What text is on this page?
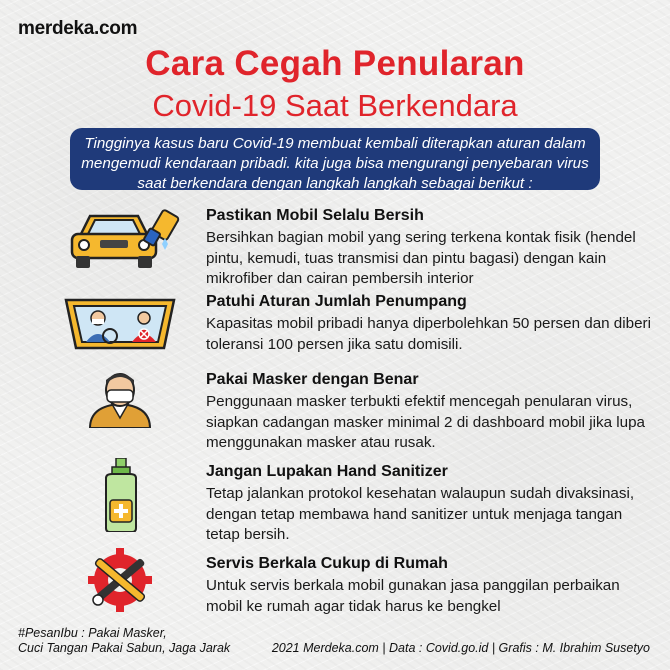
merdeka.com
Cara Cegah Penularan
Covid-19 Saat Berkendara
Tingginya kasus baru Covid-19 membuat kembali diterapkan aturan dalam mengemudi kendaraan pribadi. kita juga bisa mengurangi penyebaran virus saat berkendara dengan langkah langkah sebagai berikut :
Pastikan Mobil Selalu Bersih
Bersihkan bagian mobil yang sering terkena kontak fisik (hendel pintu, kemudi, tuas transmisi dan pintu bagasi) dengan kain mikrofiber dan cairan pembersih interior
Patuhi Aturan Jumlah Penumpang
Kapasitas mobil pribadi hanya diperbolehkan 50 persen dan diberi toleransi 100 persen jika satu domisili.
Pakai Masker dengan Benar
Penggunaan masker terbukti efektif mencegah penularan virus, siapkan cadangan masker minimal 2 di dashboard mobil jika lupa menggunakan masker atau rusak.
Jangan Lupakan Hand Sanitizer
Tetap jalankan protokol kesehatan walaupun sudah divaksinasi, dengan tetap membawa hand sanitizer untuk menjaga tangan tetap bersih.
Servis Berkala Cukup di Rumah
Untuk servis berkala mobil gunakan jasa panggilan perbaikan mobil ke rumah agar tidak harus ke bengkel
#PesanIbu : Pakai Masker,
Cuci Tangan Pakai Sabun, Jaga Jarak	2021 Merdeka.com | Data : Covid.go.id | Grafis : M. Ibrahim Susetyo
